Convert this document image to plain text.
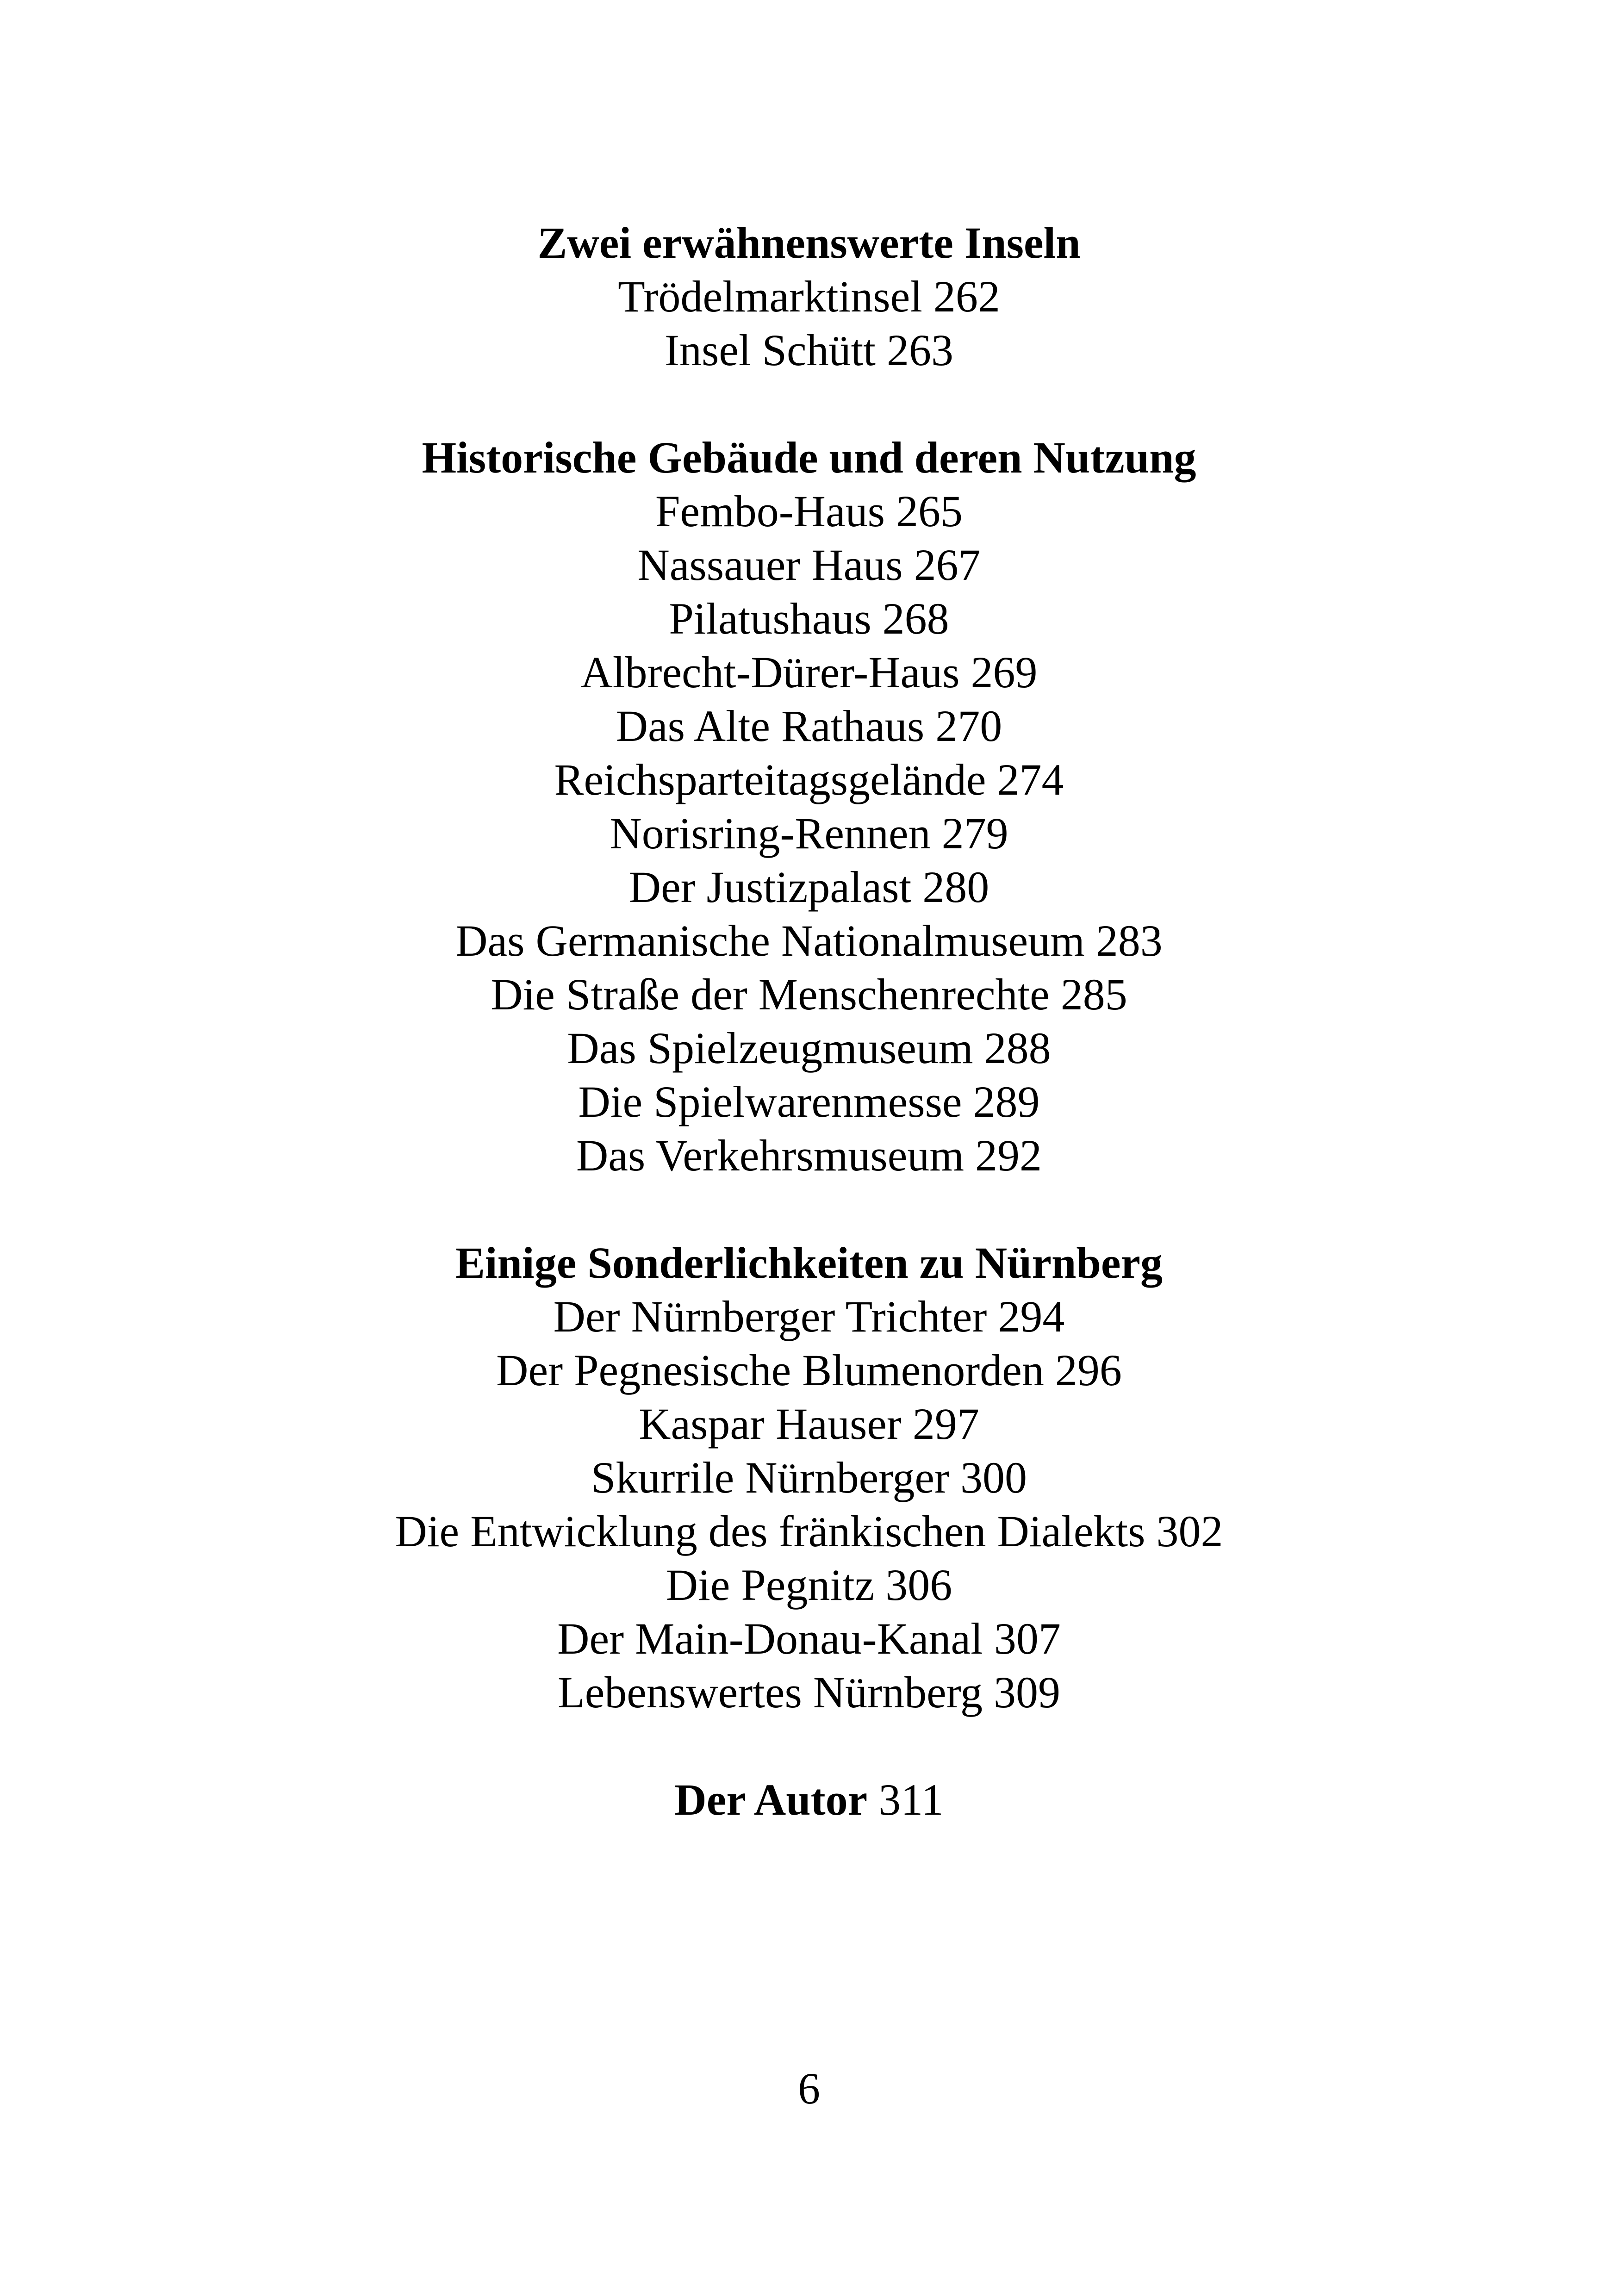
Zwei erwähnenswerte Inseln
Trödelmarktinsel 262
Insel Schütt 263
Historische Gebäude und deren Nutzung
Fembo-Haus 265
Nassauer Haus 267
Pilatushaus 268
Albrecht-Dürer-Haus 269
Das Alte Rathaus 270
Reichsparteitagsgelände 274
Norisring-Rennen 279
Der Justizpalast 280
Das Germanische Nationalmuseum 283
Die Straße der Menschenrechte 285
Das Spielzeugmuseum 288
Die Spielwarenmesse 289
Das Verkehrsmuseum 292
Einige Sonderlichkeiten zu Nürnberg
Der Nürnberger Trichter 294
Der Pegnesische Blumenorden 296
Kaspar Hauser 297
Skurrile Nürnberger 300
Die Entwicklung des fränkischen Dialekts 302
Die Pegnitz 306
Der Main-Donau-Kanal 307
Lebenswertes Nürnberg 309
Der Autor 311
6
